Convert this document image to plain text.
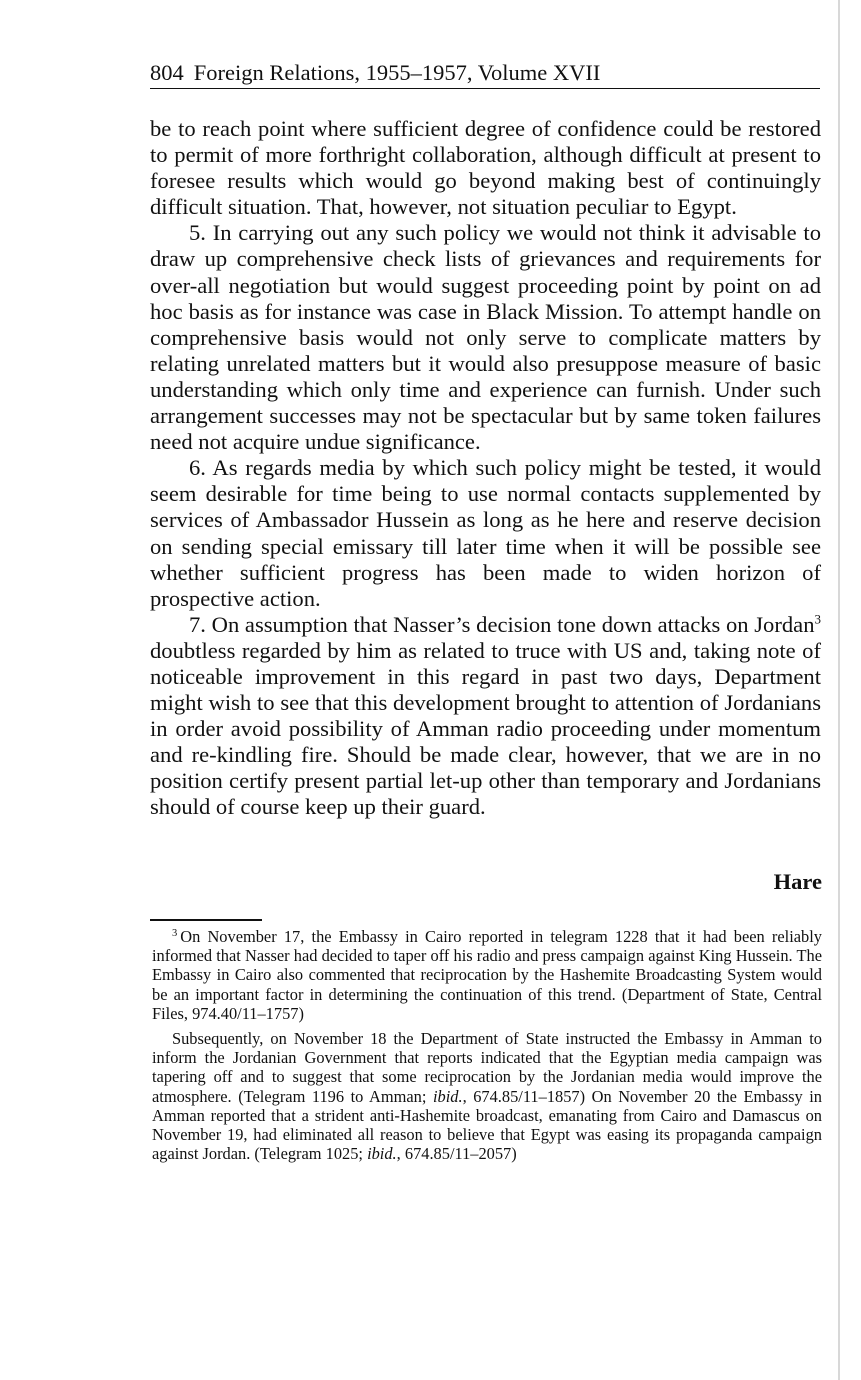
804 Foreign Relations, 1955–1957, Volume XVII

be to reach point where sufficient degree of confidence could be restored to permit of more forthright collaboration, although difficult at present to foresee results which would go beyond making best of continuingly difficult situation. That, however, not situation peculiar to Egypt.

5. In carrying out any such policy we would not think it advisable to draw up comprehensive check lists of grievances and requirements for over-all negotiation but would suggest proceeding point by point on ad hoc basis as for instance was case in Black Mission. To attempt handle on comprehensive basis would not only serve to complicate matters by relating unrelated matters but it would also presuppose measure of basic understanding which only time and experience can furnish. Under such arrangement successes may not be spectacular but by same token failures need not acquire undue significance.

6. As regards media by which such policy might be tested, it would seem desirable for time being to use normal contacts supplemented by services of Ambassador Hussein as long as he here and reserve decision on sending special emissary till later time when it will be possible see whether sufficient progress has been made to widen horizon of prospective action.

7. On assumption that Nasser’s decision tone down attacks on Jordan$^3$ doubtless regarded by him as related to truce with US and, taking note of noticeable improvement in this regard in past two days, Department might wish to see that this development brought to attention of Jordanians in order avoid possibility of Amman radio proceeding under momentum and re-kindling fire. Should be made clear, however, that we are in no position certify present partial let-up other than temporary and Jordanians should of course keep up their guard.

Hare

$^3$ On November 17, the Embassy in Cairo reported in telegram 1228 that it had been reliably informed that Nasser had decided to taper off his radio and press campaign against King Hussein. The Embassy in Cairo also commented that reciprocation by the Hashemite Broadcasting System would be an important factor in determining the continuation of this trend. (Department of State, Central Files, 974.40/11–1757)

Subsequently, on November 18 the Department of State instructed the Embassy in Amman to inform the Jordanian Government that reports indicated that the Egyptian media campaign was tapering off and to suggest that some reciprocation by the Jordanian media would improve the atmosphere. (Telegram 1196 to Amman; ibid., 674.85/11–1857) On November 20 the Embassy in Amman reported that a strident anti-Hashemite broadcast, emanating from Cairo and Damascus on November 19, had eliminated all reason to believe that Egypt was easing its propaganda campaign against Jordan. (Telegram 1025; ibid., 674.85/11–2057)
